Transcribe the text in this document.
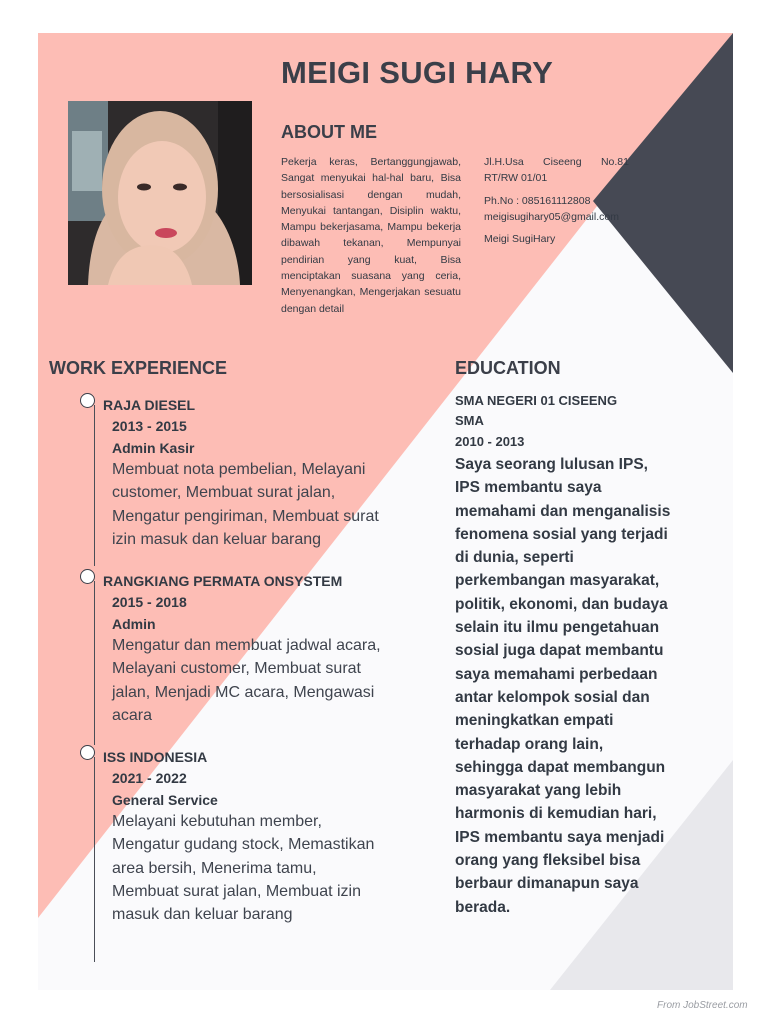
MEIGI SUGI HARY
ABOUT ME

Pekerja keras, Bertanggungjawab, Sangat menyukai hal-hal baru, Bisa bersosialisasi dengan mudah, Menyukai tantangan, Disiplin waktu, Mampu bekerjasama, Mampu bekerja dibawah tekanan, Mempunyai pendirian yang kuat, Bisa menciptakan suasana yang ceria, Menyenangkan, Mengerjakan sesuatu dengan detail

Jl.H.Usa Ciseeng No.81 RT/RW 01/01
Ph.No : 085161112808
meigisugihary05@gmail.com
Meigi SugiHary
WORK EXPERIENCE
RAJA DIESEL
2013 - 2015
Admin Kasir

Membuat nota pembelian, Melayani customer, Membuat surat jalan, Mengatur pengiriman, Membuat surat izin masuk dan keluar barang

RANGKIANG PERMATA ONSYSTEM
2015 - 2018
Admin

Mengatur dan membuat jadwal acara, Melayani customer, Membuat surat jalan, Menjadi MC acara, Mengawasi acara

ISS INDONESIA
2021 - 2022
General Service

Melayani kebutuhan member, Mengatur gudang stock, Memastikan area bersih, Menerima tamu, Membuat surat jalan, Membuat izin masuk dan keluar barang

EDUCATION
SMA NEGERI 01 CISEENG
SMA
2010 - 2013

Saya seorang lulusan IPS, IPS membantu saya memahami dan menganalisis fenomena sosial yang terjadi di dunia, seperti perkembangan masyarakat, politik, ekonomi, dan budaya selain itu ilmu pengetahuan sosial juga dapat membantu saya memahami perbedaan antar kelompok sosial dan meningkatkan empati terhadap orang lain, sehingga dapat membangun masyarakat yang lebih harmonis di kemudian hari, IPS membantu saya menjadi orang yang fleksibel bisa berbaur dimanapun saya berada.

From JobStreet.com
